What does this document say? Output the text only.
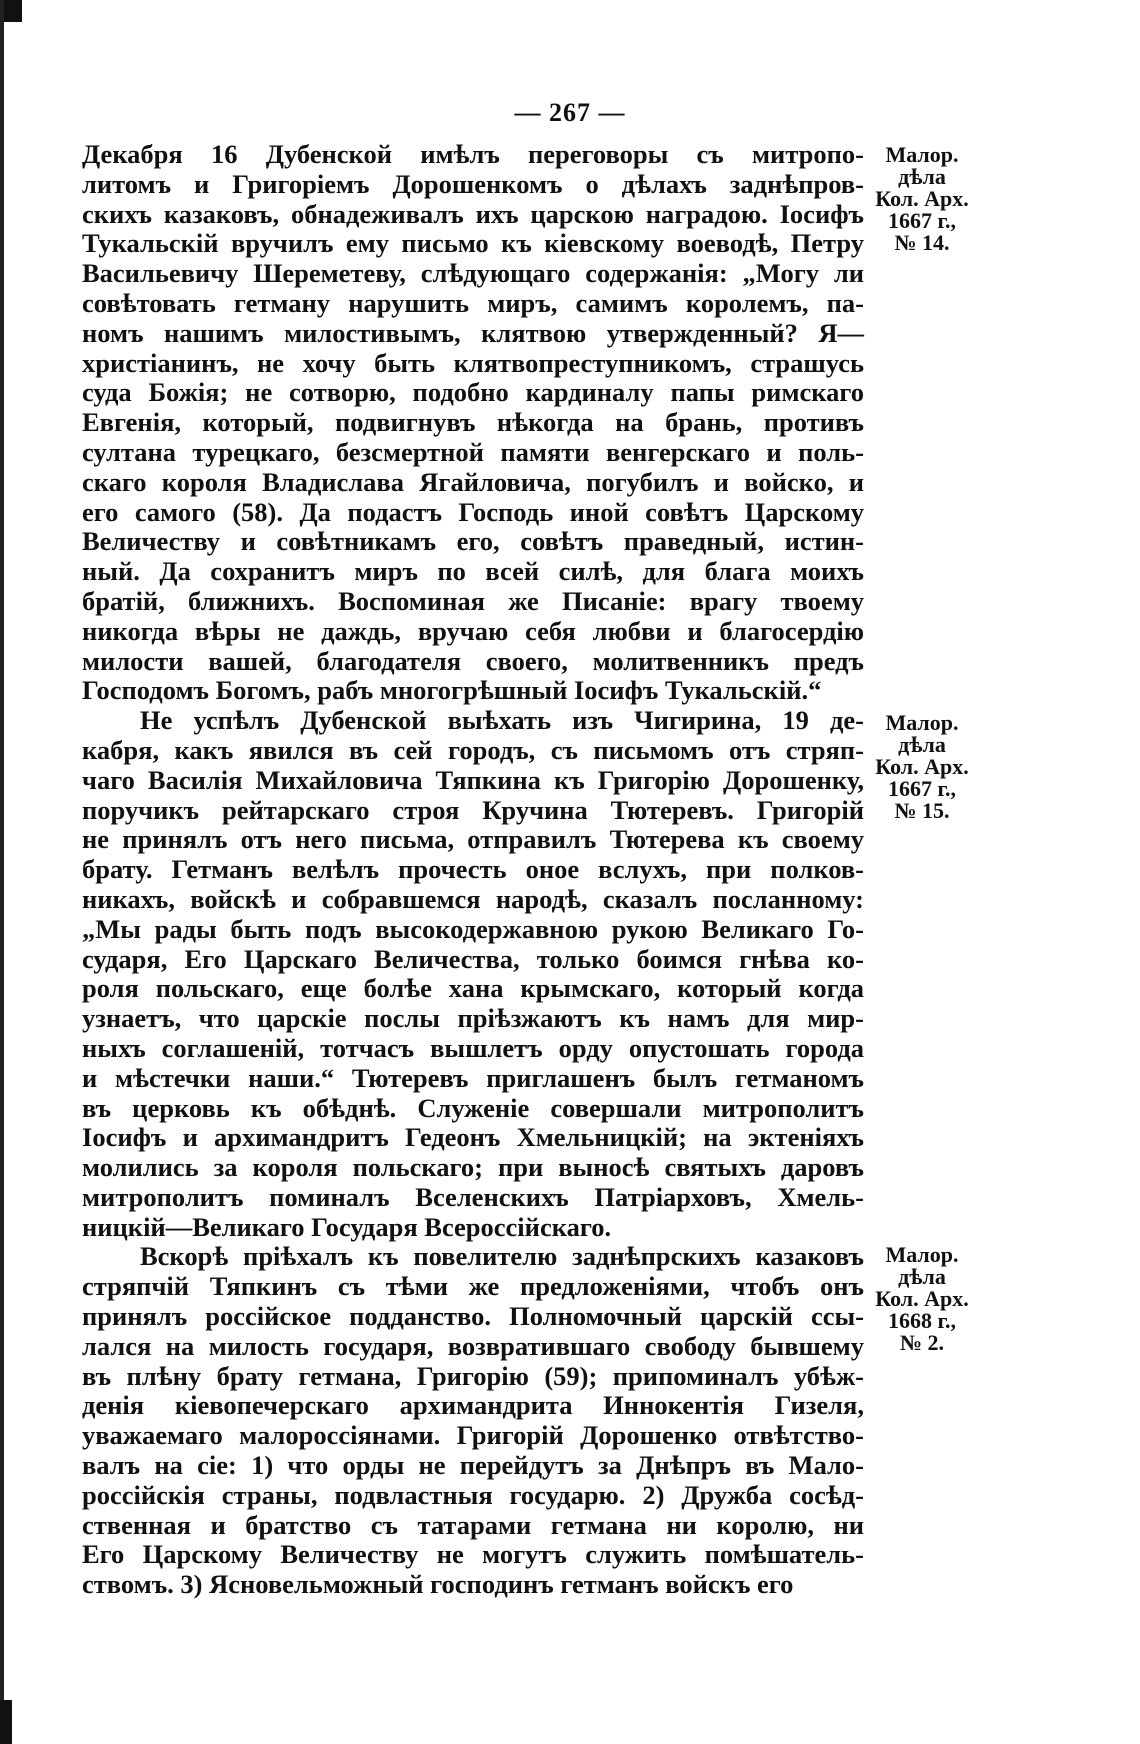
— 267 —

Декабря 16 Дубенской имѣлъ переговоры съ митропо-
литомъ и Григоріемъ Дорошенкомъ о дѣлахъ заднѣпров-
скихъ казаковъ, обнадеживалъ ихъ царскою наградою. Іосифъ
Тукальскій вручилъ ему письмо къ кіевскому воеводѣ, Петру
Васильевичу Шереметеву, слѣдующаго содержанія: „Могу ли
совѣтовать гетману нарушить миръ, самимъ королемъ, па-
номъ нашимъ милостивымъ, клятвою утвержденный? Я—
христіанинъ, не хочу быть клятвопреступникомъ, страшусь
суда Божія; не сотворю, подобно кардиналу папы римскаго
Евгенія, который, подвигнувъ нѣкогда на брань, противъ
султана турецкаго, безсмертной памяти венгерскаго и поль-
скаго короля Владислава Ягайловича, погубилъ и войско, и
его самого (58). Да подастъ Господь иной совѣтъ Царскому
Величеству и совѣтникамъ его, совѣтъ праведный, истин-
ный. Да сохранитъ миръ по всей силѣ, для блага моихъ
братій, ближнихъ. Воспоминая же Писаніе: врагу твоему
никогда вѣры не даждь, вручаю себя любви и благосердію
милости вашей, благодателя своего, молитвенникъ предъ
Господомъ Богомъ, рабъ многогрѣшный Іосифъ Тукальскій.“

Не успѣлъ Дубенской выѣхать изъ Чигирина, 19 де-
кабря, какъ явился въ сей городъ, съ письмомъ отъ стряп-
чаго Василія Михайловича Тяпкина къ Григорію Дорошенку,
поручикъ рейтарскаго строя Кручина Тютеревъ. Григорій
не принялъ отъ него письма, отправилъ Тютерева къ своему
брату. Гетманъ велѣлъ прочесть оное вслухъ, при полков-
никахъ, войскѣ и собравшемся народѣ, сказалъ посланному:
„Мы рады быть подъ высокодержавною рукою Великаго Го-
сударя, Его Царскаго Величества, только боимся гнѣва ко-
роля польскаго, еще болѣе хана крымскаго, который когда
узнаетъ, что царскіе послы пріѣзжаютъ къ намъ для мир-
ныхъ соглашеній, тотчасъ вышлетъ орду опустошать города
и мѣстечки наши.“ Тютеревъ приглашенъ былъ гетманомъ
въ церковь къ обѣднѣ. Служеніе совершали митрополитъ
Іосифъ и архимандритъ Гедеонъ Хмельницкій; на эктеніяхъ
молились за короля польскаго; при выносѣ святыхъ даровъ
митрополитъ поминалъ Вселенскихъ Патріарховъ, Хмель-
ницкій—Великаго Государя Всероссійскаго.

Вскорѣ пріѣхалъ къ повелителю заднѣпрскихъ казаковъ
стряпчій Тяпкинъ съ тѣми же предложеніями, чтобъ онъ
принялъ россійское подданство. Полномочный царскій ссы-
лался на милость государя, возвратившаго свободу бывшему
въ плѣну брату гетмана, Григорію (59); припоминалъ убѣж-
денія кіевопечерскаго архимандрита Иннокентія Гизеля,
уважаемаго малороссіянами. Григорій Дорошенко отвѣтство-
валъ на сіе: 1) что орды не перейдутъ за Днѣпръ въ Мало-
россійскія страны, подвластныя государю. 2) Дружба сосѣд-
ственная и братство съ татарами гетмана ни королю, ни
Его Царскому Величеству не могутъ служить помѣшатель-
ствомъ. 3) Ясновельможный господинъ гетманъ войскъ его

Малор.
дѣла
Кол. Арх.
1667 г.,
№ 14.
Малор.
дѣла
Кол. Арх.
1667 г.,
№ 15.
Малор.
дѣла
Кол. Арх.
1668 г.,
№ 2.
